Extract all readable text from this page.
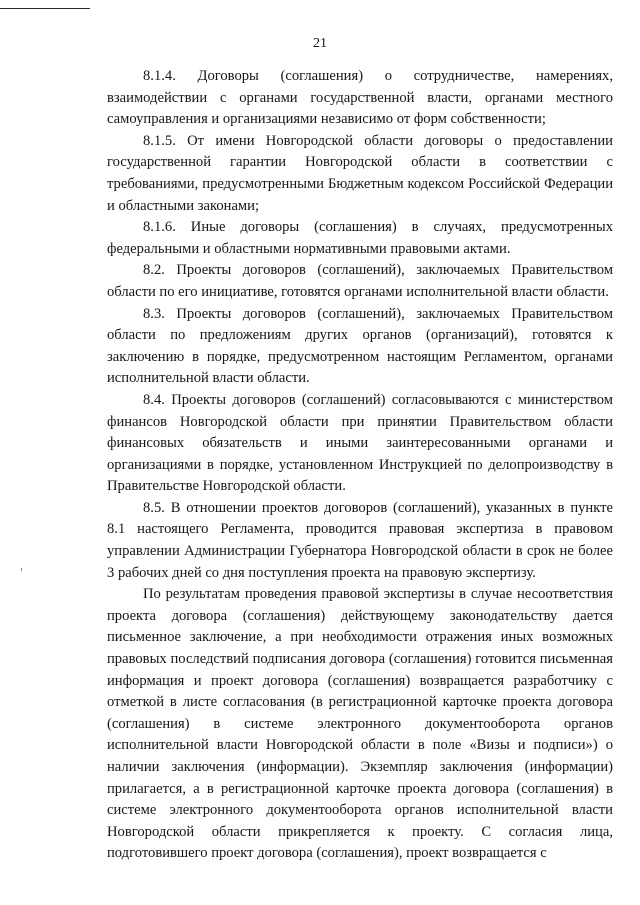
21

8.1.4. Договоры (соглашения) о сотрудничестве, намерениях, взаимодействии с органами государственной власти, органами местного самоуправления и организациями независимо от форм собственности;

8.1.5. От имени Новгородской области договоры о предоставлении государственной гарантии Новгородской области в соответствии с требованиями, предусмотренными Бюджетным кодексом Российской Федерации и областными законами;

8.1.6. Иные договоры (соглашения) в случаях, предусмотренных федеральными и областными нормативными правовыми актами.

8.2. Проекты договоров (соглашений), заключаемых Правительством области по его инициативе, готовятся органами исполнительной власти области.

8.3. Проекты договоров (соглашений), заключаемых Правительством области по предложениям других органов (организаций), готовятся к заключению в порядке, предусмотренном настоящим Регламентом, органами исполнительной власти области.

8.4. Проекты договоров (соглашений) согласовываются с министерством финансов Новгородской области при принятии Правительством области финансовых обязательств и иными заинтересованными органами и организациями в порядке, установленном Инструкцией по делопроизводству в Правительстве Новгородской области.

8.5. В отношении проектов договоров (соглашений), указанных в пункте 8.1 настоящего Регламента, проводится правовая экспертиза в правовом управлении Администрации Губернатора Новгородской области в срок не более 3 рабочих дней со дня поступления проекта на правовую экспертизу.

По результатам проведения правовой экспертизы в случае несоответствия проекта договора (соглашения) действующему законодательству дается письменное заключение, а при необходимости отражения иных возможных правовых последствий подписания договора (соглашения) готовится письменная информация и проект договора (соглашения) возвращается разработчику с отметкой в листе согласования (в регистрационной карточке проекта договора (соглашения) в системе электронного документооборота органов исполнительной власти Новгородской области в поле «Визы и подписи») о наличии заключения (информации). Экземпляр заключения (информации) прилагается, а в регистрационной карточке проекта договора (соглашения) в системе электронного документооборота органов исполнительной власти Новгородской области прикрепляется к проекту. С согласия лица, подготовившего проект договора (соглашения), проект возвращается с
